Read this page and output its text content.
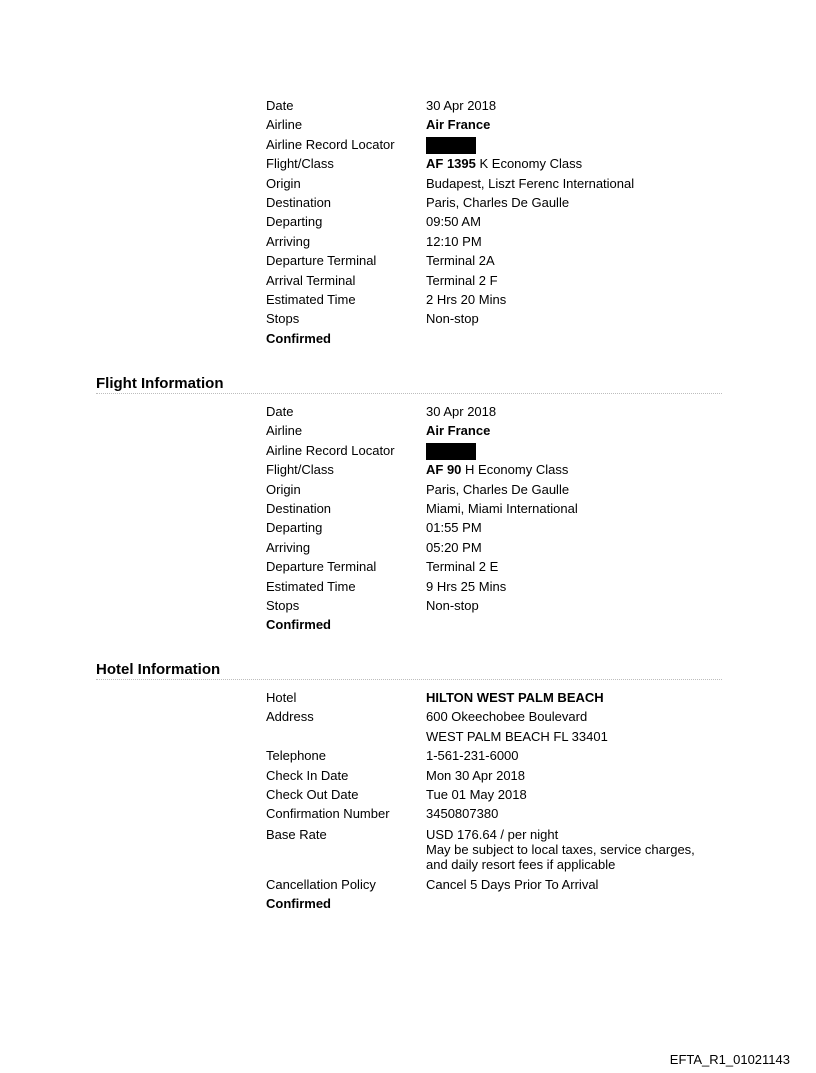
Date	30 Apr 2018
Airline	Air France
Airline Record Locator
Flight/Class	AF 1395 K Economy Class
Origin	Budapest, Liszt Ferenc International
Destination	Paris, Charles De Gaulle
Departing	09:50 AM
Arriving	12:10 PM
Departure Terminal	Terminal 2A
Arrival Terminal	Terminal 2 F
Estimated Time	2 Hrs 20 Mins
Stops	Non-stop
Confirmed
Flight Information
Date	30 Apr 2018
Airline	Air France
Airline Record Locator
Flight/Class	AF 90 H Economy Class
Origin	Paris, Charles De Gaulle
Destination	Miami, Miami International
Departing	01:55 PM
Arriving	05:20 PM
Departure Terminal	Terminal 2 E
Estimated Time	9 Hrs 25 Mins
Stops	Non-stop
Confirmed
Hotel Information
Hotel	HILTON WEST PALM BEACH
Address	600 Okeechobee Boulevard
WEST PALM BEACH FL 33401
Telephone	1-561-231-6000
Check In Date	Mon 30 Apr 2018
Check Out Date	Tue 01 May 2018
Confirmation Number	3450807380
Base Rate	USD 176.64 / per night
May be subject to local taxes, service charges,
and daily resort fees if applicable
Cancellation Policy	Cancel 5 Days Prior To Arrival
Confirmed
EFTA_R1_01021143
